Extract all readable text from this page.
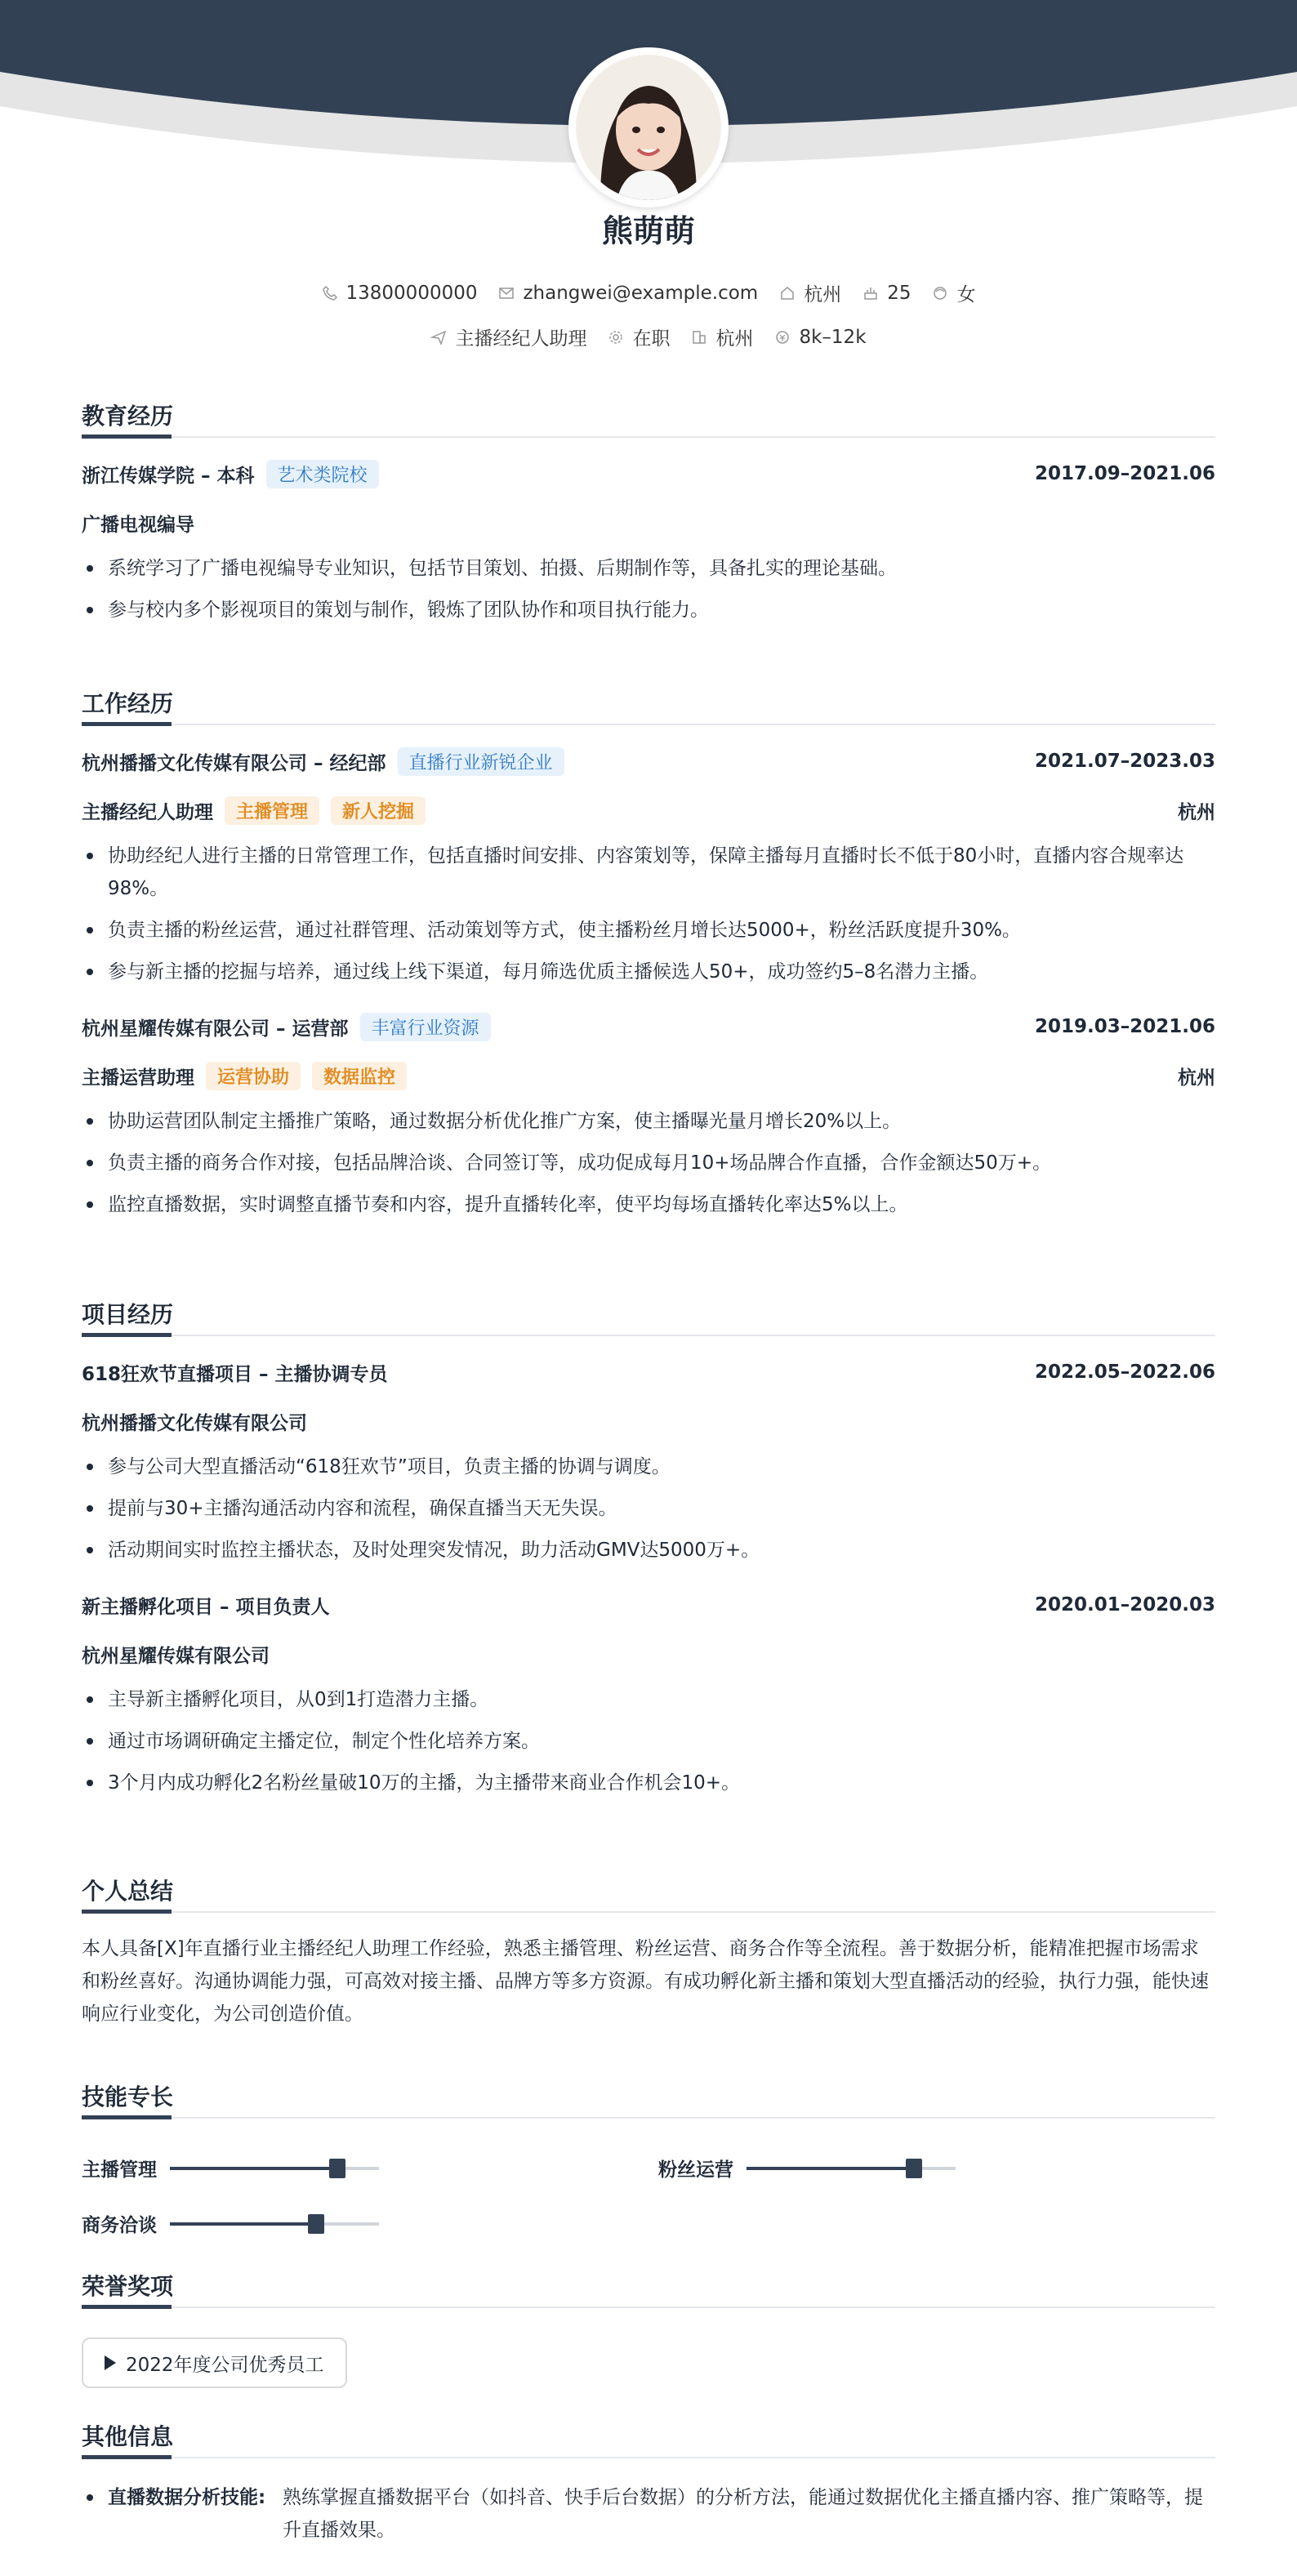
熊萌萌
13800000000 zhangwei@example.com 杭州 25 女
主播经纪人助理 在职 杭州 8k–12k
教育经历
浙江传媒学院 – 本科	艺术类院校	2017.09–2021.06
广播电视编导
系统学习了广播电视编导专业知识，包括节目策划、拍摄、后期制作等，具备扎实的理论基础。
参与校内多个影视项目的策划与制作，锻炼了团队协作和项目执行能力。
工作经历
杭州播播文化传媒有限公司 – 经纪部	直播行业新锐企业	2021.07–2023.03
主播经纪人助理	主播管理	新人挖掘	杭州
协助经纪人进行主播的日常管理工作，包括直播时间安排、内容策划等，保障主播每月直播时长不低于80小时，直播内容合规率达98%。
负责主播的粉丝运营，通过社群管理、活动策划等方式，使主播粉丝月增长达5000+，粉丝活跃度提升30%。
参与新主播的挖掘与培养，通过线上线下渠道，每月筛选优质主播候选人50+，成功签约5–8名潜力主播。
杭州星耀传媒有限公司 – 运营部	丰富行业资源	2019.03–2021.06
主播运营助理	运营协助	数据监控	杭州
协助运营团队制定主播推广策略，通过数据分析优化推广方案，使主播曝光量月增长20%以上。
负责主播的商务合作对接，包括品牌洽谈、合同签订等，成功促成每月10+场品牌合作直播，合作金额达50万+。
监控直播数据，实时调整直播节奏和内容，提升直播转化率，使平均每场直播转化率达5%以上。
项目经历
618狂欢节直播项目 – 主播协调专员	2022.05–2022.06
杭州播播文化传媒有限公司
参与公司大型直播活动“618狂欢节”项目，负责主播的协调与调度。
提前与30+主播沟通活动内容和流程，确保直播当天无失误。
活动期间实时监控主播状态，及时处理突发情况，助力活动GMV达5000万+。
新主播孵化项目 – 项目负责人	2020.01–2020.03
杭州星耀传媒有限公司
主导新主播孵化项目，从0到1打造潜力主播。
通过市场调研确定主播定位，制定个性化培养方案。
3个月内成功孵化2名粉丝量破10万的主播，为主播带来商业合作机会10+。
个人总结

本人具备[X]年直播行业主播经纪人助理工作经验，熟悉主播管理、粉丝运营、商务合作等全流程。善于数据分析，能精准把握市场需求和粉丝喜好。沟通协调能力强，可高效对接主播、品牌方等多方资源。有成功孵化新主播和策划大型直播活动的经验，执行力强，能快速响应行业变化，为公司创造价值。

技能专长
主播管理	粉丝运营
商务洽谈
荣誉奖项
2022年度公司优秀员工
其他信息
直播数据分析技能: 熟练掌握直播数据平台（如抖音、快手后台数据）的分析方法，能通过数据优化主播直播内容、推广策略等，提升直播效果。
